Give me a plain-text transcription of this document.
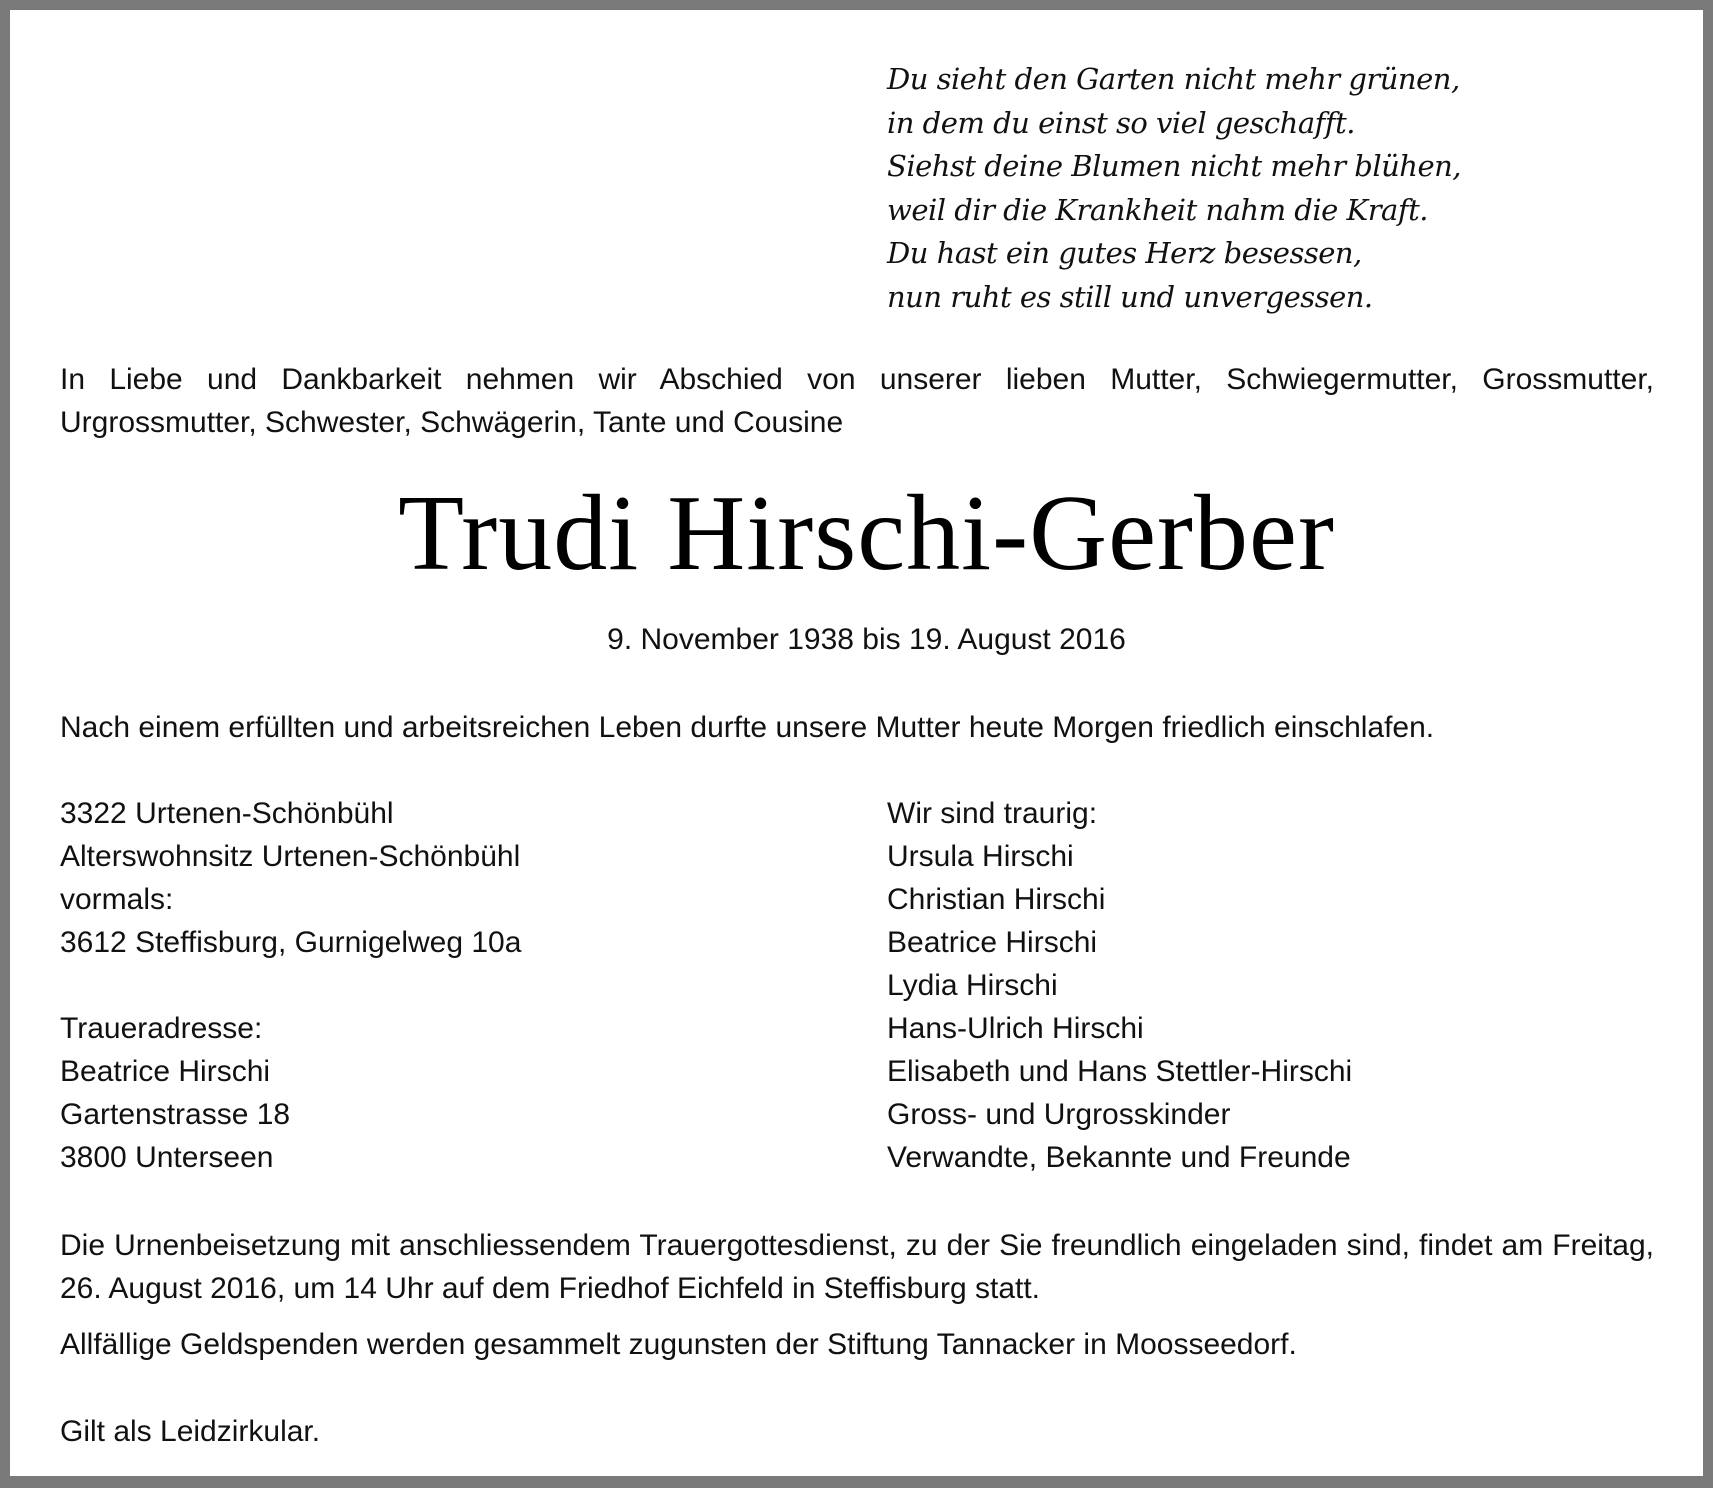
Du sieht den Garten nicht mehr grünen,
in dem du einst so viel geschafft.
Siehst deine Blumen nicht mehr blühen,
weil dir die Krankheit nahm die Kraft.
Du hast ein gutes Herz besessen,
nun ruht es still und unvergessen.
In Liebe und Dankbarkeit nehmen wir Abschied von unserer lieben Mutter, Schwiegermutter, Grossmutter, Urgrossmutter, Schwester, Schwägerin, Tante und Cousine
Trudi Hirschi-Gerber
9. November 1938 bis 19. August 2016
Nach einem erfüllten und arbeitsreichen Leben durfte unsere Mutter heute Morgen friedlich einschlafen.
3322 Urtenen-Schönbühl
Alterswohnsitz Urtenen-Schönbühl
vormals:
3612 Steffisburg, Gurnigelweg 10a
Traueradresse:
Beatrice Hirschi
Gartenstrasse 18
3800 Unterseen
Wir sind traurig:
Ursula Hirschi
Christian Hirschi
Beatrice Hirschi
Lydia Hirschi
Hans-Ulrich Hirschi
Elisabeth und Hans Stettler-Hirschi
Gross- und Urgrosskinder
Verwandte, Bekannte und Freunde
Die Urnenbeisetzung mit anschliessendem Trauergottesdienst, zu der Sie freundlich eingeladen sind, findet am Freitag, 26. August 2016, um 14 Uhr auf dem Friedhof Eichfeld in Steffisburg statt.
Allfällige Geldspenden werden gesammelt zugunsten der Stiftung Tannacker in Moosseedorf.
Gilt als Leidzirkular.
